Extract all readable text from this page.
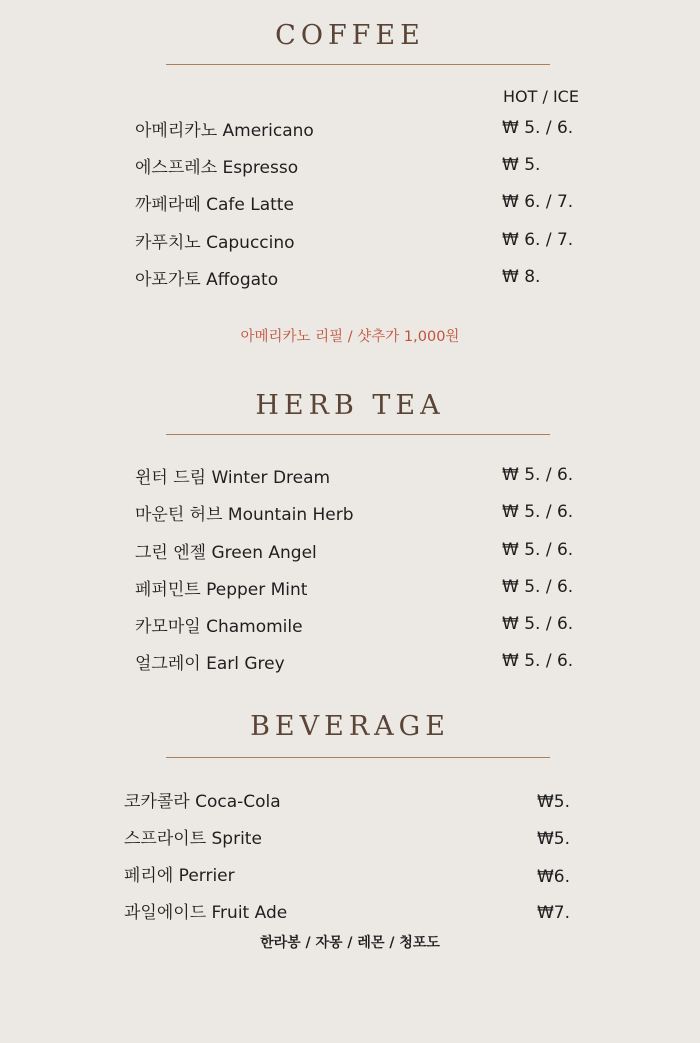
COFFEE
HOT / ICE
아메리카노 Americano	₩ 5. / 6.
에스프레소 Espresso	₩ 5.
까페라떼 Cafe Latte	₩ 6. / 7.
카푸치노 Capuccino	₩ 6. / 7.
아포가토 Affogato	₩ 8.
아메리카노 리필 / 샷추가 1,000원
HERB TEA
윈터 드림 Winter Dream	₩ 5. / 6.
마운틴 허브 Mountain Herb	₩ 5. / 6.
그린 엔젤 Green Angel	₩ 5. / 6.
페퍼민트 Pepper Mint	₩ 5. / 6.
카모마일 Chamomile	₩ 5. / 6.
얼그레이 Earl Grey	₩ 5. / 6.
BEVERAGE
코카콜라 Coca-Cola	₩5.
스프라이트 Sprite	₩5.
페리에 Perrier	₩6.
과일에이드 Fruit Ade	₩7.
한라봉 / 자몽 / 레몬 / 청포도
